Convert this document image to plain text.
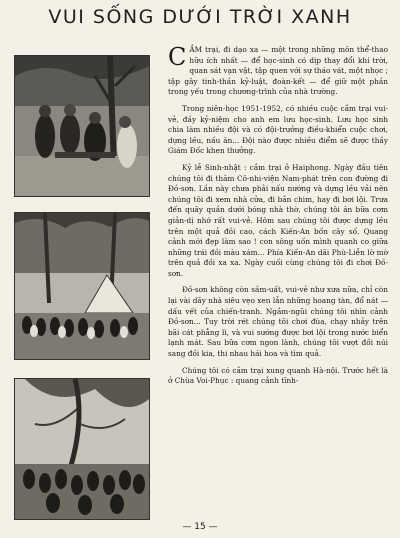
VUI SỐNG DƯỚI TRỜI XANH

CẮM trại, đi dạo xa — một trong những môn thể-thao hữu ích nhất — để học-sinh có dịp thay đổi khí trời, quan sát vạn vật, tập quen với sự tháo vát, một nhọc ; tập gây tinh-thần kỷ-luật, đoàn-kết — để giữ một phần trong yếu trong chương-trình của nhà trường.

Trong niên-học 1951-1952, có nhiều cuộc cắm trại vui-vẻ, đầy kỷ-niệm cho anh em lưu học-sinh. Lưu học sinh chia làm nhiều đội và có đội-trưởng điều-khiển cuộc chơi, dựng lều, nấu ăn... Đội nào được nhiều điểm sẽ được thầy Giám Đốc khen thưởng.

Kỷ lễ Sinh-nhật : cắm trại ở Haiphong. Ngày đầu tiên chúng tôi đi thăm Cô-nhi-viện Nam-phát trên con đường đi Đồ-sơn. Lần này chưa phải nấu nướng và dựng lều vải nên chúng tôi đi xem nhà cửa, đi bắn chim, hay đi bơi lội. Trưa đến quây quần dưới bóng nhà thờ, chúng tôi ăn bữa cơm giản-dị nhớ rất vui-vẻ. Hôm sau chúng tôi được dựng lều trên một quả đồi cao, cách Kiến-An bốn cây số. Quang cảnh mới đẹp làm sao ! con sông uốn mình quanh co giữa những trái đồi màu xám... Phía Kiến-An dãi Phù-Liễn lờ mờ trên quả đồi xa xa. Ngày cuối cùng chúng tôi đi chơi Đồ-sơn.

Đồ-sơn không còn sầm-uất, vui-vẻ như xưa nữa, chỉ còn lại vài dãy nhà siêu vẹo xen lẫn những hoang tàn, đổ nát — dấu vết của chiến-tranh. Ngắm-ngũi chúng tôi nhìn cảnh Đồ-sơn... Tuy trời rét chúng tôi chơi đùa, chạy nhảy trên bãi cát phẳng lì, và vui sướng được bơi lội trong nước biển lạnh mát. Sau bữa cơm ngon lành, chúng tôi vượt đồi núi sang đồi kia, thi nhau hái hoa và tìm quả.

Chúng tôi có cắm trại xung quanh Hà-nội. Trước hết là ở Chùa Voi-Phục : quang cảnh tĩnh-

— 15 —
